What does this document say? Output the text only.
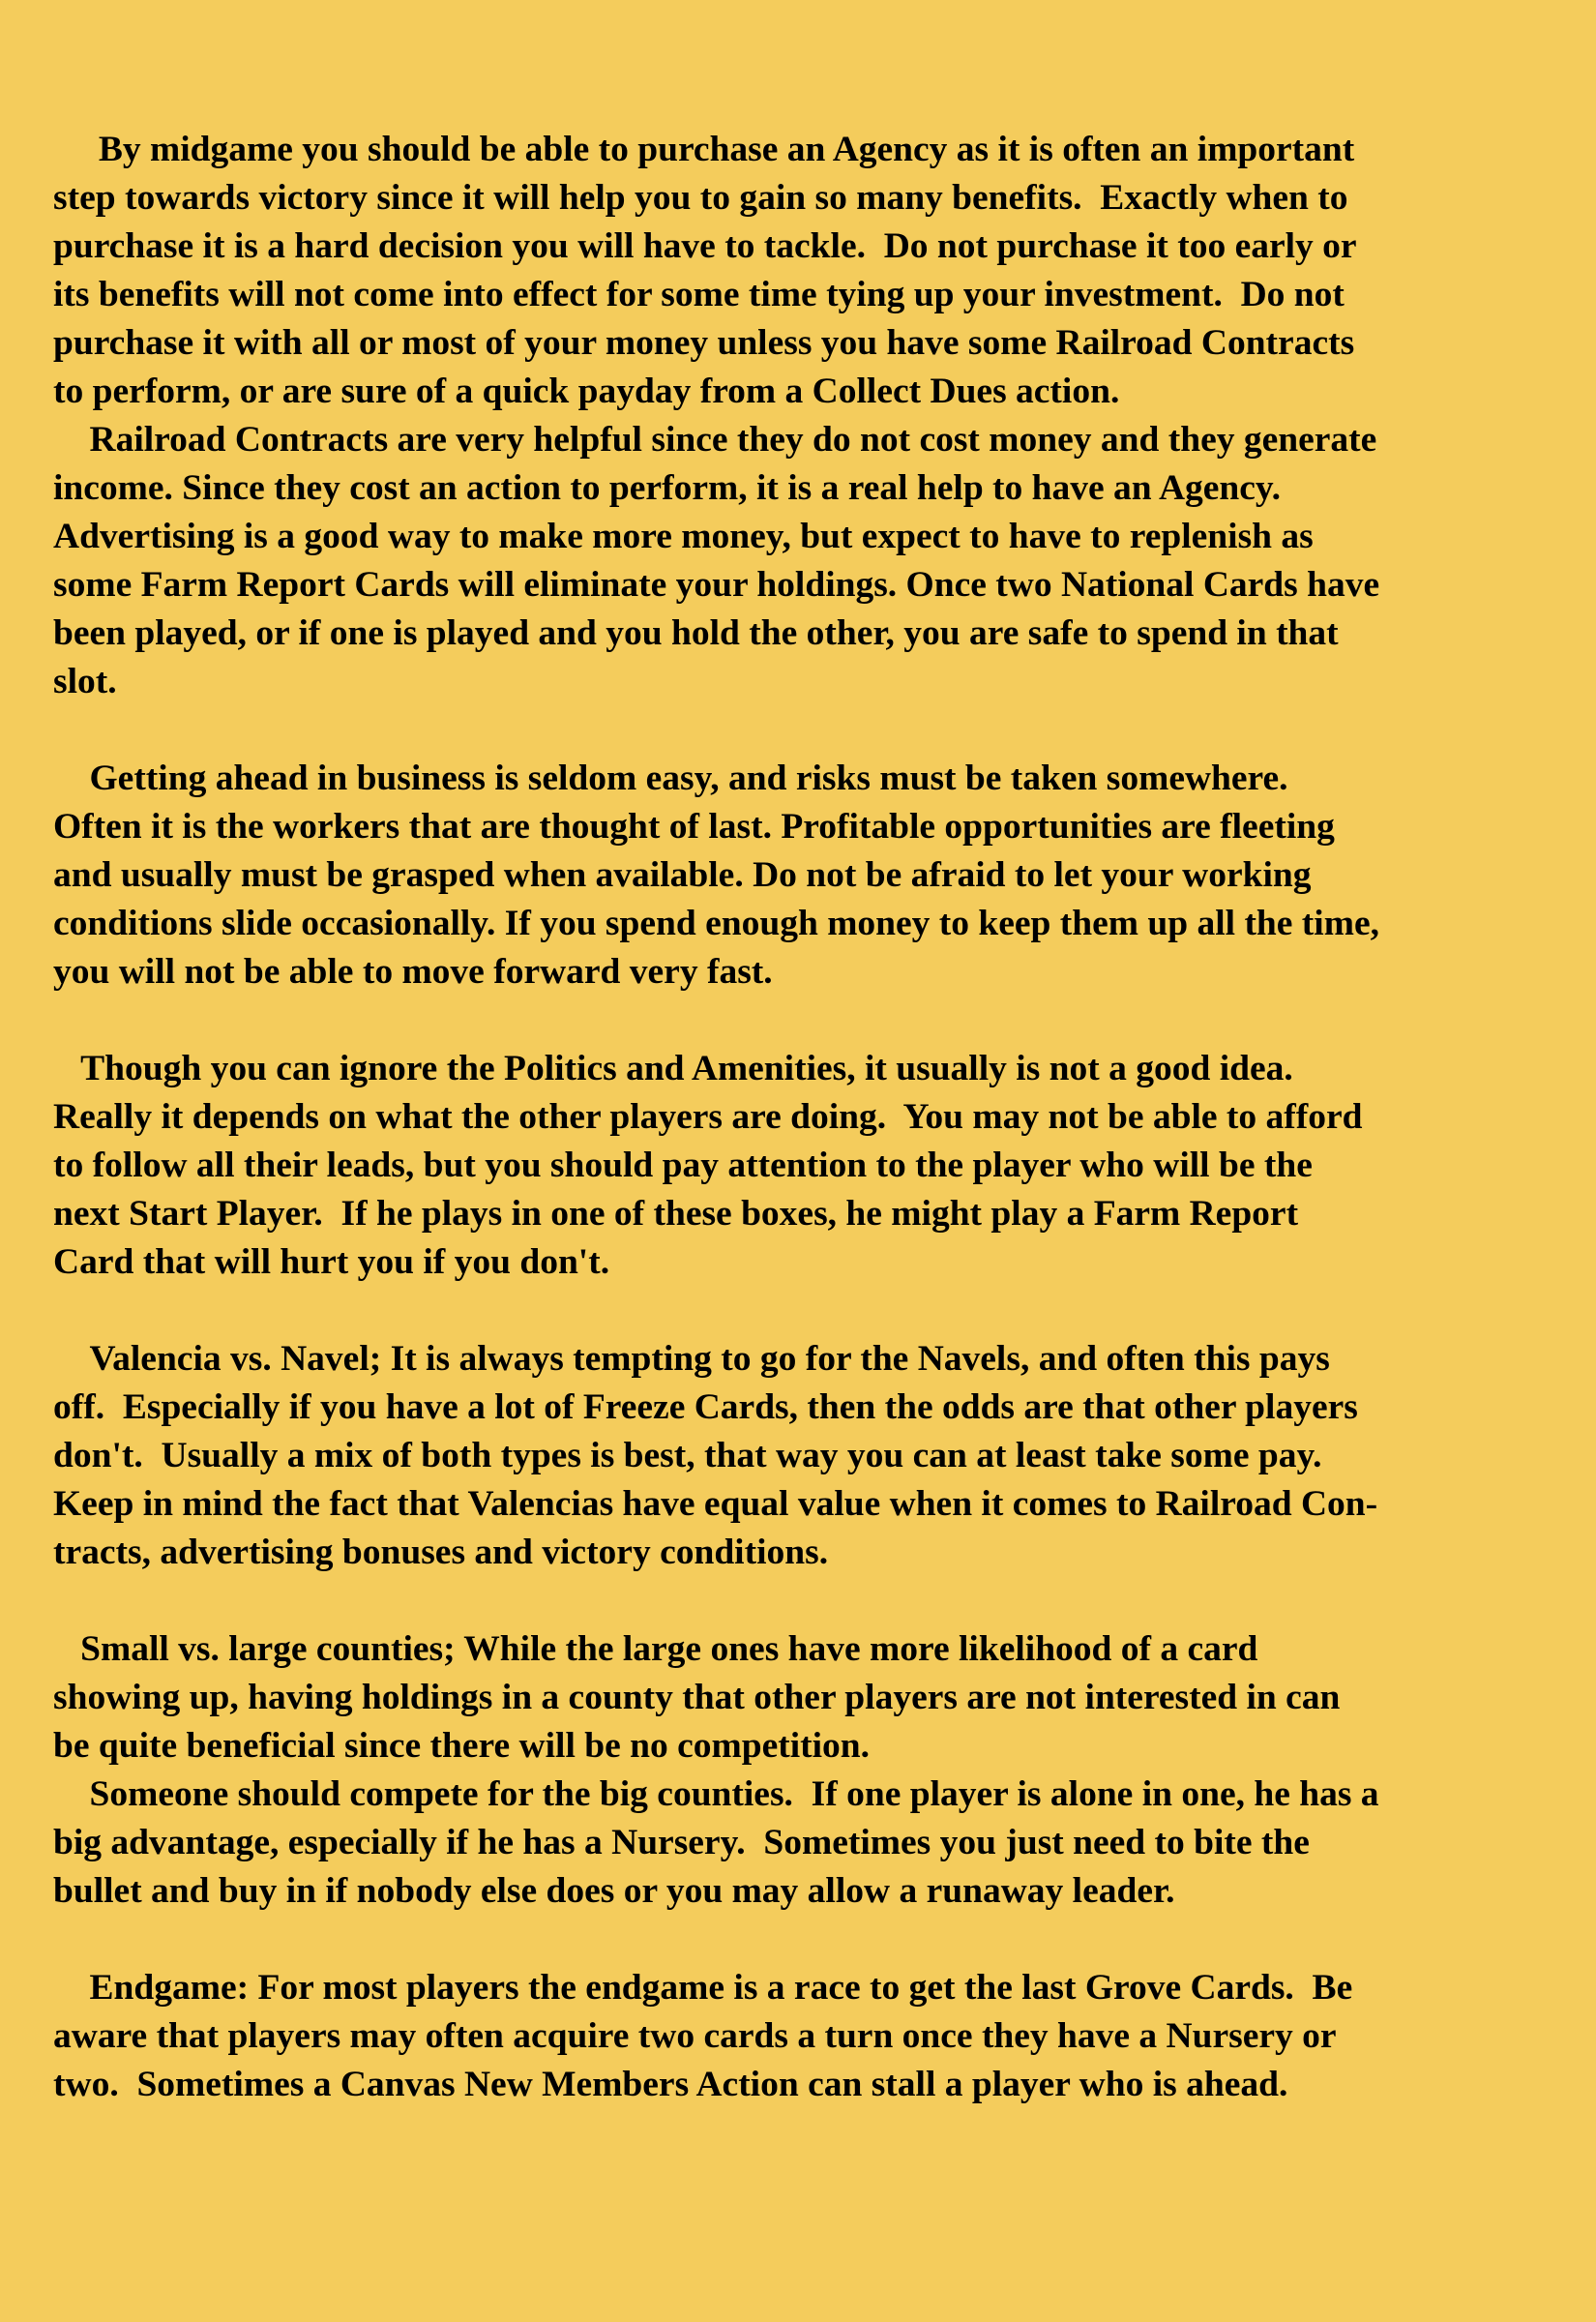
By midgame you should be able to purchase an Agency as it is often an important
step towards victory since it will help you to gain so many benefits.  Exactly when to
purchase it is a hard decision you will have to tackle.  Do not purchase it too early or
its benefits will not come into effect for some time tying up your investment.  Do not
purchase it with all or most of your money unless you have some Railroad Contracts
to perform, or are sure of a quick payday from a Collect Dues action.
Railroad Contracts are very helpful since they do not cost money and they generate
income. Since they cost an action to perform, it is a real help to have an Agency.
Advertising is a good way to make more money, but expect to have to replenish as
some Farm Report Cards will eliminate your holdings. Once two National Cards have
been played, or if one is played and you hold the other, you are safe to spend in that
slot.
Getting ahead in business is seldom easy, and risks must be taken somewhere.
Often it is the workers that are thought of last. Profitable opportunities are fleeting
and usually must be grasped when available. Do not be afraid to let your working
conditions slide occasionally. If you spend enough money to keep them up all the time,
you will not be able to move forward very fast.
Though you can ignore the Politics and Amenities, it usually is not a good idea.
Really it depends on what the other players are doing.  You may not be able to afford
to follow all their leads, but you should pay attention to the player who will be the
next Start Player.  If he plays in one of these boxes, he might play a Farm Report
Card that will hurt you if you don't.
Valencia vs. Navel; It is always tempting to go for the Navels, and often this pays
off.  Especially if you have a lot of Freeze Cards, then the odds are that other players
don't.  Usually a mix of both types is best, that way you can at least take some pay.
Keep in mind the fact that Valencias have equal value when it comes to Railroad Con-
tracts, advertising bonuses and victory conditions.
Small vs. large counties; While the large ones have more likelihood of a card
showing up, having holdings in a county that other players are not interested in can
be quite beneficial since there will be no competition.
Someone should compete for the big counties.  If one player is alone in one, he has a
big advantage, especially if he has a Nursery.  Sometimes you just need to bite the
bullet and buy in if nobody else does or you may allow a runaway leader.
Endgame: For most players the endgame is a race to get the last Grove Cards.  Be
aware that players may often acquire two cards a turn once they have a Nursery or
two.  Sometimes a Canvas New Members Action can stall a player who is ahead.
